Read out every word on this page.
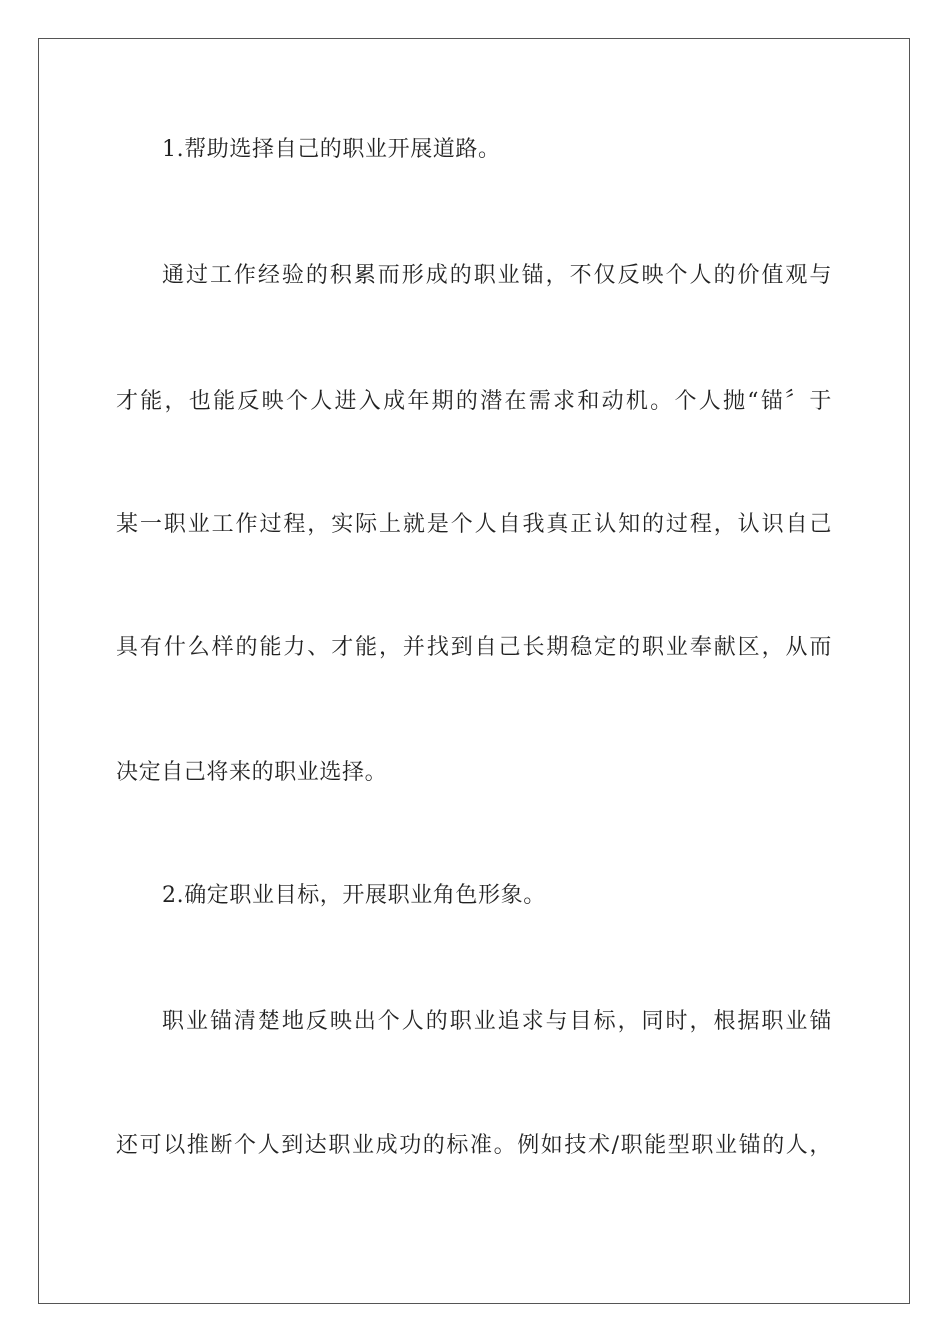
1.帮助选择自己的职业开展道路。
通过工作经验的积累而形成的职业锚，不仅反映个人的价值观与
才能，也能反映个人进入成年期的潜在需求和动机。个人抛“锚〞于
某一职业工作过程，实际上就是个人自我真正认知的过程，认识自己
具有什么样的能力、才能，并找到自己长期稳定的职业奉献区，从而
决定自己将来的职业选择。
2.确定职业目标，开展职业角色形象。
职业锚清楚地反映出个人的职业追求与目标，同时，根据职业锚
还可以推断个人到达职业成功的标准。例如技术/职能型职业锚的人，
